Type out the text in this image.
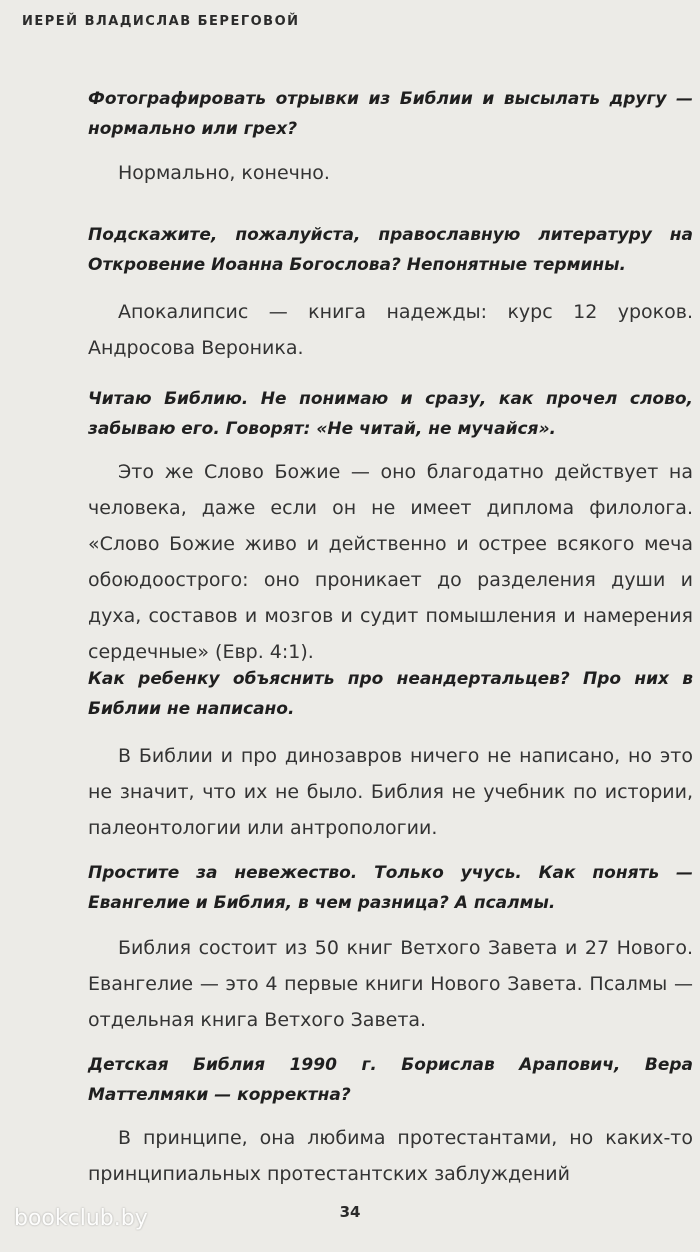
ИЕРЕЙ ВЛАДИСЛАВ БЕРЕГОВОЙ

Фотографировать отрывки из Библии и высылать другу — нормально или грех?

Нормально, конечно.

Подскажите, пожалуйста, православную литературу на Откровение Иоанна Богослова? Непонятные термины.

Апокалипсис — книга надежды: курс 12 уроков. Андросова Вероника.

Читаю Библию. Не понимаю и сразу, как прочел слово, забываю его. Говорят: «Не читай, не мучайся».

Это же Слово Божие — оно благодатно действует на человека, даже если он не имеет диплома филолога. «Слово Божие живо и действенно и острее всякого меча обоюдоострого: оно проникает до разделения души и духа, составов и мозгов и судит помышления и намерения сердечные» (Евр. 4:1).

Как ребенку объяснить про неандертальцев? Про них в Библии не написано.

В Библии и про динозавров ничего не написано, но это не значит, что их не было. Библия не учебник по истории, палеонтологии или антропологии.

Простите за невежество. Только учусь. Как понять — Евангелие и Библия, в чем разница? А псалмы.

Библия состоит из 50 книг Ветхого Завета и 27 Нового. Евангелие — это 4 первые книги Нового Завета. Псалмы — отдельная книга Ветхого Завета.

Детская Библия 1990 г. Борислав Арапович, Вера Маттелмяки — корректна?

В принципе, она любима протестантами, но каких-то принципиальных протестантских заблуждений

34
bookclub.by
